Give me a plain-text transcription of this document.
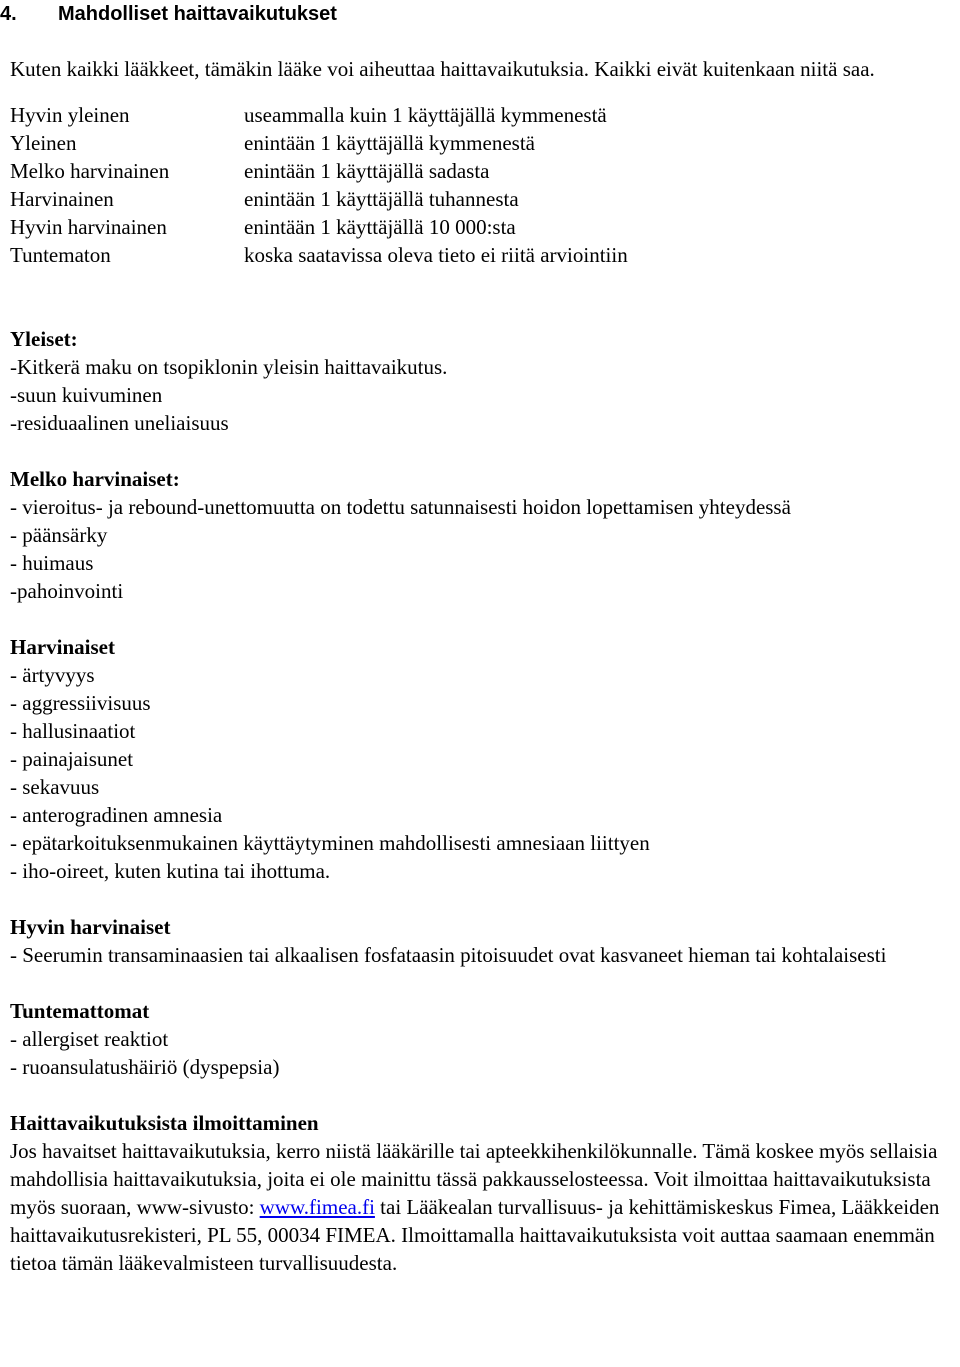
4. Mahdolliset haittavaikutukset

Kuten kaikki lääkkeet, tämäkin lääke voi aiheuttaa haittavaikutuksia. Kaikki eivät kuitenkaan niitä saa.

Hyvin yleinen	useammalla kuin 1 käyttäjällä kymmenestä
Yleinen	enintään 1 käyttäjällä kymmenestä
Melko harvinainen	enintään 1 käyttäjällä sadasta
Harvinainen	enintään 1 käyttäjällä tuhannesta
Hyvin harvinainen	enintään 1 käyttäjällä 10 000:sta
Tuntematon	koska saatavissa oleva tieto ei riitä arviointiin

Yleiset:

-Kitkerä maku on tsopiklonin yleisin haittavaikutus.

-suun kuivuminen

-residuaalinen uneliaisuus

Melko harvinaiset:

- vieroitus- ja rebound-unettomuutta on todettu satunnaisesti hoidon lopettamisen yhteydessä

- päänsärky

- huimaus

-pahoinvointi

Harvinaiset

- ärtyvyys

- aggressiivisuus

- hallusinaatiot

- painajaisunet

- sekavuus

- anterogradinen amnesia

- epätarkoituksenmukainen käyttäytyminen mahdollisesti amnesiaan liittyen

- iho-oireet, kuten kutina tai ihottuma.

Hyvin harvinaiset

- Seerumin transaminaasien tai alkaalisen fosfataasin pitoisuudet ovat kasvaneet hieman tai kohtalaisesti

Tuntemattomat

- allergiset reaktiot

- ruoansulatushäiriö (dyspepsia)

Haittavaikutuksista ilmoittaminen

Jos havaitset haittavaikutuksia, kerro niistä lääkärille tai apteekkihenkilökunnalle. Tämä koskee myös sellaisia mahdollisia haittavaikutuksia, joita ei ole mainittu tässä pakkausselosteessa. Voit ilmoittaa haittavaikutuksista myös suoraan, www-sivusto: www.fimea.fi tai Lääkealan turvallisuus- ja kehittämiskeskus Fimea, Lääkkeiden haittavaikutusrekisteri, PL 55, 00034 FIMEA. Ilmoittamalla haittavaikutuksista voit auttaa saamaan enemmän tietoa tämän lääkevalmisteen turvallisuudesta.
